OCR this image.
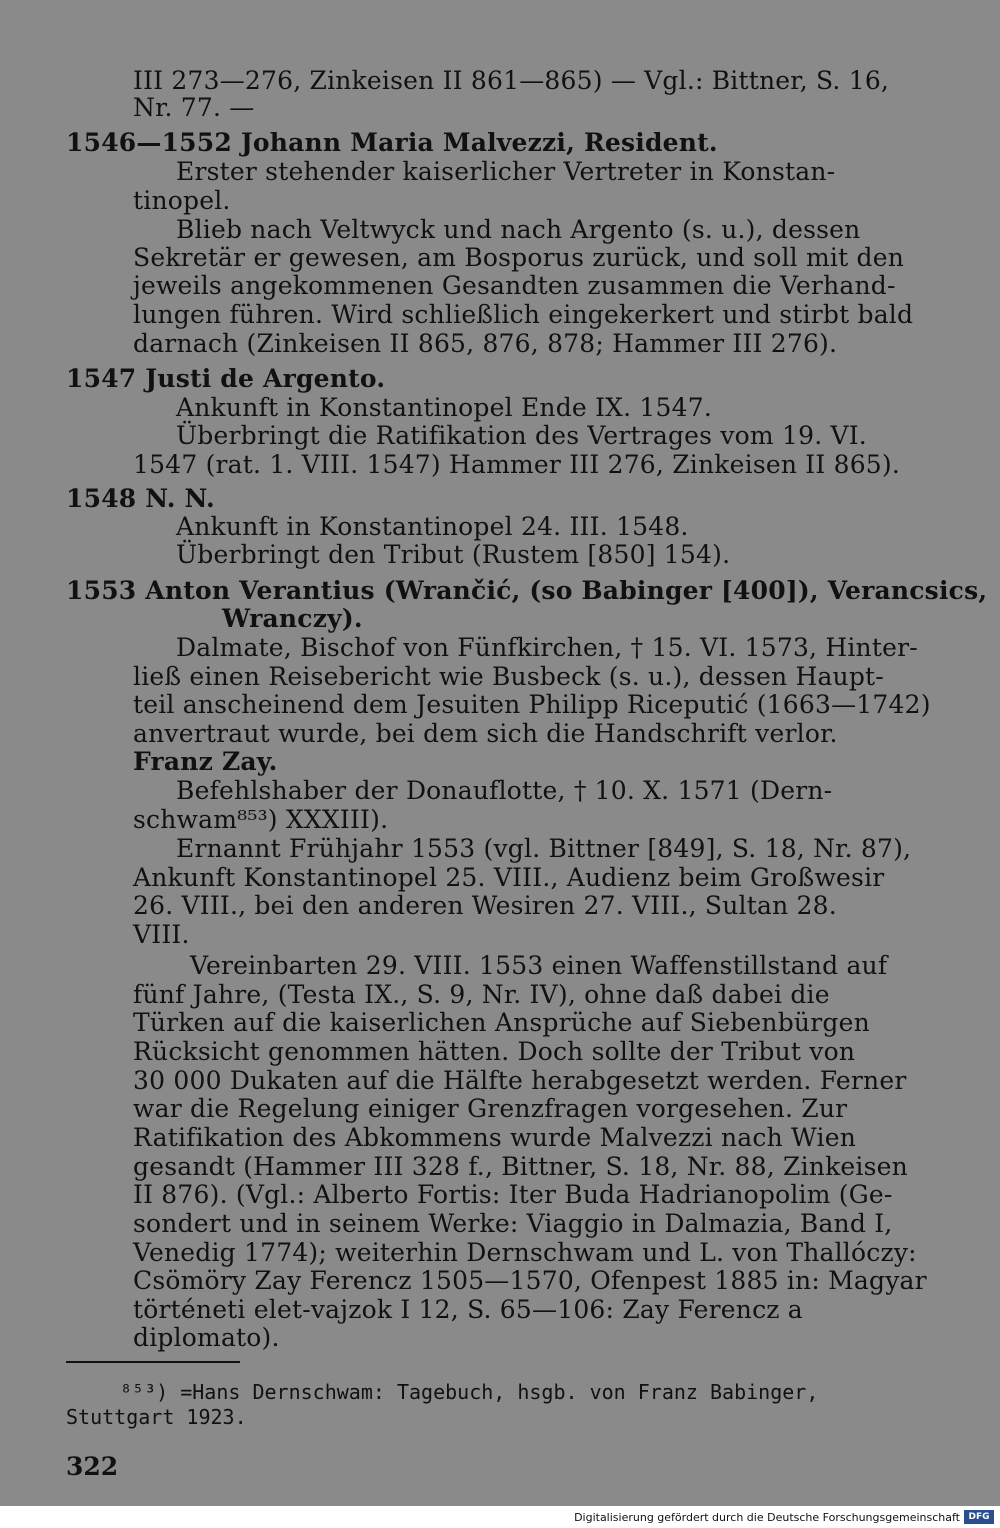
III 273—276, Zinkeisen II 861—865) — Vgl.: Bittner, S. 16,
Nr. 77. —
1546—1552 Johann Maria Malvezzi, Resident.
Erster stehender kaiserlicher Vertreter in Konstan-
tinopel.
Blieb nach Veltwyck und nach Argento (s. u.), dessen
Sekretär er gewesen, am Bosporus zurück, und soll mit den
jeweils angekommenen Gesandten zusammen die Verhand-
lungen führen. Wird schließlich eingekerkert und stirbt bald
darnach (Zinkeisen II 865, 876, 878; Hammer III 276).
1547 Justi de Argento.
Ankunft in Konstantinopel Ende IX. 1547.
Überbringt die Ratifikation des Vertrages vom 19. VI.
1547 (rat. 1. VIII. 1547) Hammer III 276, Zinkeisen II 865).
1548 N. N.
Ankunft in Konstantinopel 24. III. 1548.
Überbringt den Tribut (Rustem [850] 154).
1553 Anton Verantius (Wrančić, (so Babinger [400]), Verancsics,
Wranczy).
Dalmate, Bischof von Fünfkirchen, † 15. VI. 1573, Hinter-
ließ einen Reisebericht wie Busbeck (s. u.), dessen Haupt-
teil anscheinend dem Jesuiten Philipp Riceputić (1663—1742)
anvertraut wurde, bei dem sich die Handschrift verlor.
Franz Zay.
Befehlshaber der Donauflotte, † 10. X. 1571 (Dern-
schwam⁸⁵³) XXXIII).
Ernannt Frühjahr 1553 (vgl. Bittner [849], S. 18, Nr. 87),
Ankunft Konstantinopel 25. VIII., Audienz beim Großwesir
26. VIII., bei den anderen Wesiren 27. VIII., Sultan 28.
VIII.
Vereinbarten 29. VIII. 1553 einen Waffenstillstand auf
fünf Jahre, (Testa IX., S. 9, Nr. IV), ohne daß dabei die
Türken auf die kaiserlichen Ansprüche auf Siebenbürgen
Rücksicht genommen hätten. Doch sollte der Tribut von
30 000 Dukaten auf die Hälfte herabgesetzt werden. Ferner
war die Regelung einiger Grenzfragen vorgesehen. Zur
Ratifikation des Abkommens wurde Malvezzi nach Wien
gesandt (Hammer III 328 f., Bittner, S. 18, Nr. 88, Zinkeisen
II 876). (Vgl.: Alberto Fortis: Iter Buda Hadrianopolim (Ge-
sondert und in seinem Werke: Viaggio in Dalmazia, Band I,
Venedig 1774); weiterhin Dernschwam und L. von Thallóczy:
Csömöry Zay Ferencz 1505—1570, Ofenpest 1885 in: Magyar
történeti elet-vajzok I 12, S. 65—106: Zay Ferencz a
diplomato).
⁸⁵³) =Hans Dernschwam: Tagebuch, hsgb. von Franz Babinger,
Stuttgart 1923.
322
Digitalisierung gefördert durch die Deutsche Forschungsgemeinschaft DFG
